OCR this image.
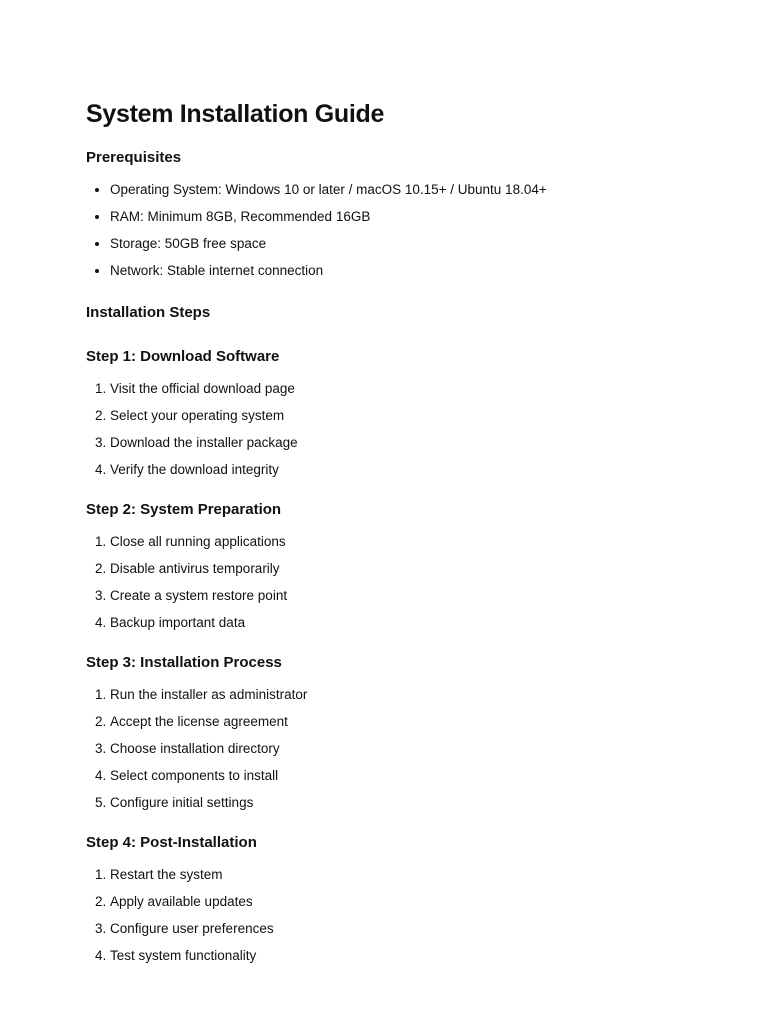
System Installation Guide
Prerequisites
• Operating System: Windows 10 or later / macOS 10.15+ / Ubuntu 18.04+
• RAM: Minimum 8GB, Recommended 16GB
• Storage: 50GB free space
• Network: Stable internet connection
Installation Steps
Step 1: Download Software
1. Visit the official download page
2. Select your operating system
3. Download the installer package
4. Verify the download integrity
Step 2: System Preparation
1. Close all running applications
2. Disable antivirus temporarily
3. Create a system restore point
4. Backup important data
Step 3: Installation Process
1. Run the installer as administrator
2. Accept the license agreement
3. Choose installation directory
4. Select components to install
5. Configure initial settings
Step 4: Post-Installation
1. Restart the system
2. Apply available updates
3. Configure user preferences
4. Test system functionality
